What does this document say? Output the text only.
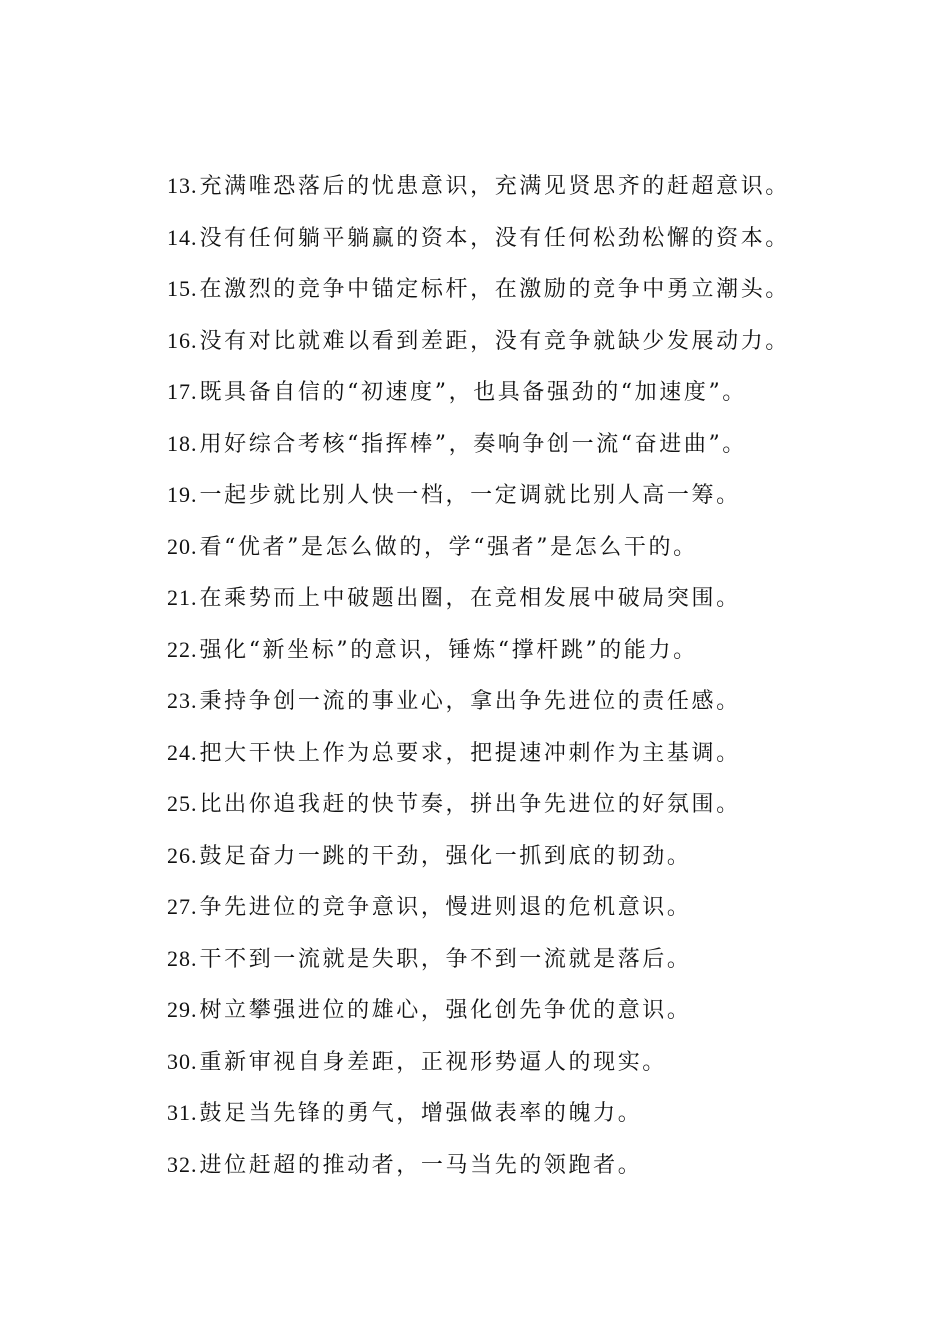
13. 充满唯恐落后的忧患意识，充满见贤思齐的赶超意识。
14. 没有任何躺平躺赢的资本，没有任何松劲松懈的资本。
15. 在激烈的竞争中锚定标杆，在激励的竞争中勇立潮头。
16. 没有对比就难以看到差距，没有竞争就缺少发展动力。
17. 既具备自信的“初速度”，也具备强劲的“加速度”。
18. 用好综合考核“指挥棒”，奏响争创一流“奋进曲”。
19. 一起步就比别人快一档，一定调就比别人高一筹。
20. 看“优者”是怎么做的，学“强者”是怎么干的。
21. 在乘势而上中破题出圈，在竞相发展中破局突围。
22. 强化“新坐标”的意识，锤炼“撑杆跳”的能力。
23. 秉持争创一流的事业心，拿出争先进位的责任感。
24. 把大干快上作为总要求，把提速冲刺作为主基调。
25. 比出你追我赶的快节奏，拼出争先进位的好氛围。
26. 鼓足奋力一跳的干劲，强化一抓到底的韧劲。
27. 争先进位的竞争意识，慢进则退的危机意识。
28. 干不到一流就是失职，争不到一流就是落后。
29. 树立攀强进位的雄心，强化创先争优的意识。
30. 重新审视自身差距，正视形势逼人的现实。
31. 鼓足当先锋的勇气，增强做表率的魄力。
32. 进位赶超的推动者，一马当先的领跑者。
